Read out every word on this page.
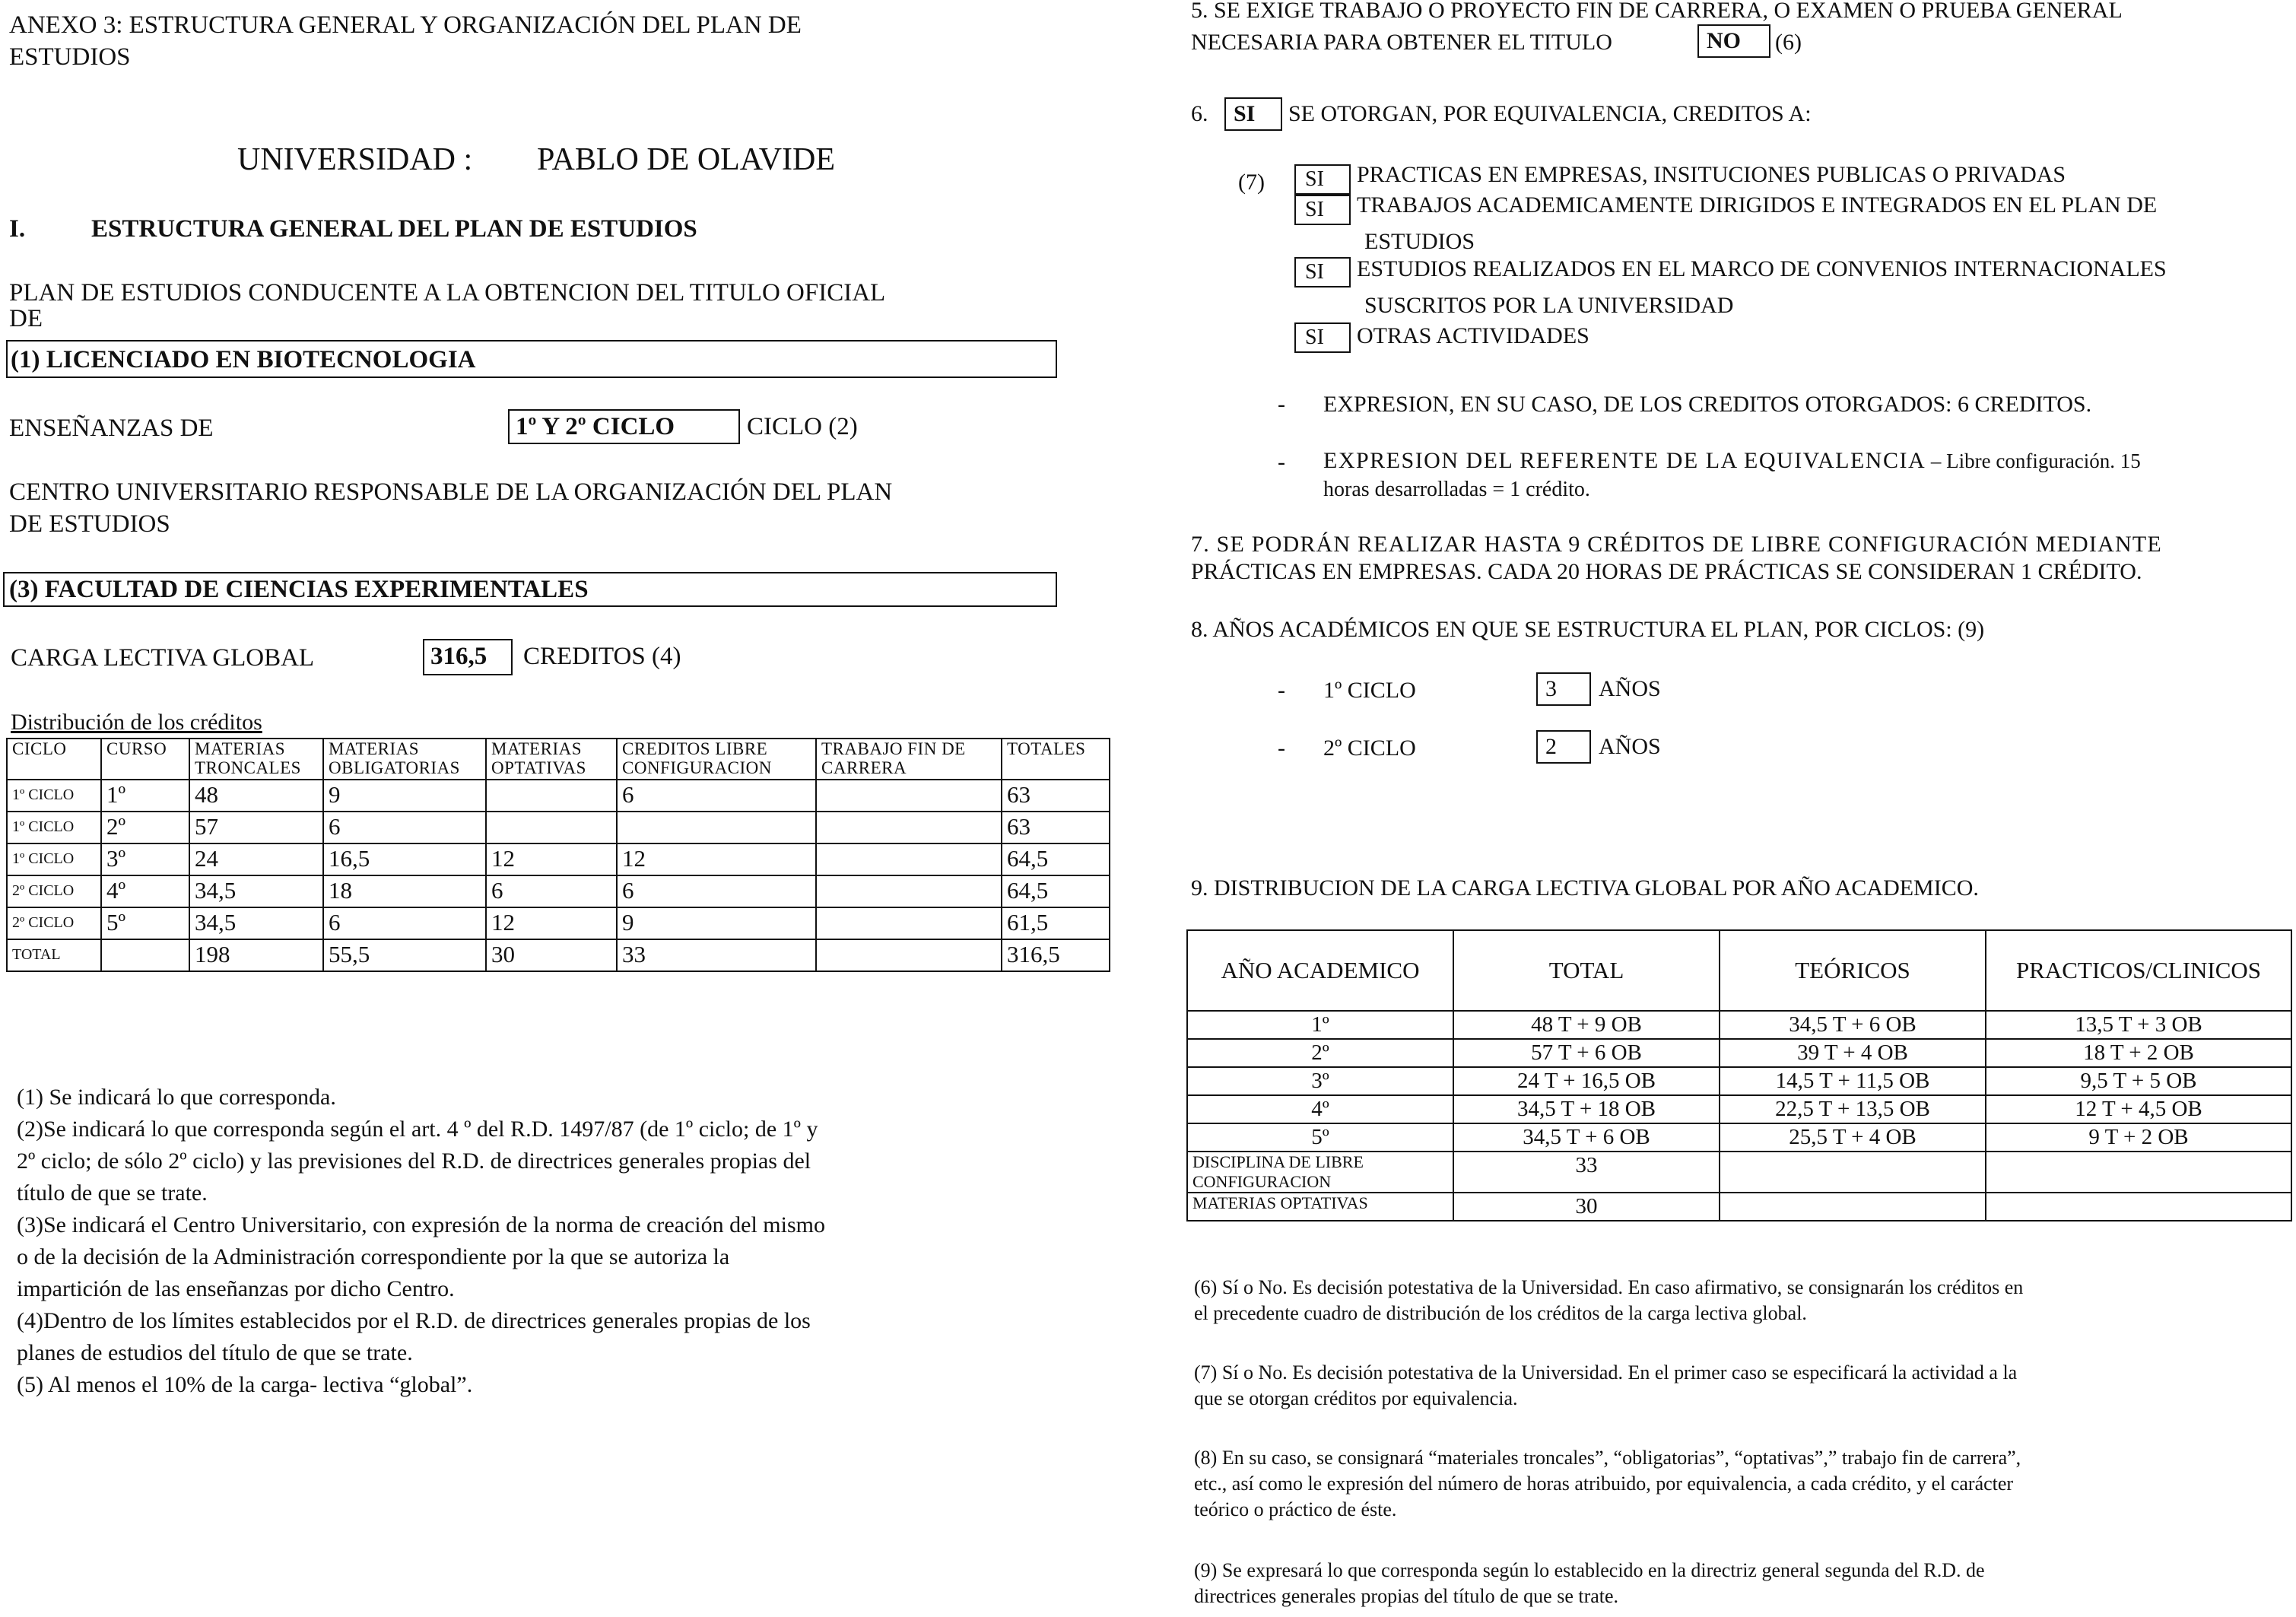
ANEXO 3: ESTRUCTURA GENERAL Y ORGANIZACIÓN DEL PLAN DE
ESTUDIOS
UNIVERSIDAD : PABLO DE OLAVIDE
I.	ESTRUCTURA GENERAL DEL PLAN DE ESTUDIOS
PLAN DE ESTUDIOS CONDUCENTE A LA OBTENCION DEL TITULO OFICIAL
DE
(1) LICENCIADO EN BIOTECNOLOGIA
ENSEÑANZAS DE	1º Y 2º CICLO	CICLO (2)
CENTRO UNIVERSITARIO RESPONSABLE DE LA ORGANIZACIÓN DEL PLAN
DE ESTUDIOS
(3) FACULTAD DE CIENCIAS EXPERIMENTALES
CARGA LECTIVA GLOBAL	316,5 CREDITOS (4)
Distribución de los créditos
CICLO	CURSO	MATERIAS TRONCALES	MATERIAS OBLIGATORIAS	MATERIAS OPTATIVAS	CREDITOS LIBRE CONFIGURACION	TRABAJO FIN DE CARRERA	TOTALES
1º CICLO	1º	48	9		6		63
1º CICLO	2º	57	6				63
1º CICLO	3º	24	16,5	12	12		64,5
2º CICLO	4º	34,5	18	6	6		64,5
2º CICLO	5º	34,5	6	12	9		61,5
TOTAL		198	55,5	30	33		316,5
(1) Se indicará lo que corresponda.
(2)Se indicará lo que corresponda según el art. 4 º del R.D. 1497/87 (de 1º ciclo; de 1º y
2º ciclo; de sólo 2º ciclo) y las previsiones del R.D. de directrices generales propias del
título de que se trate.
(3)Se indicará el Centro Universitario, con expresión de la norma de creación del mismo
o de la decisión de la Administración correspondiente por la que se autoriza la
impartición de las enseñanzas por dicho Centro.
(4)Dentro de los límites establecidos por el R.D. de directrices generales propias de los
planes de estudios del título de que se trate.
(5) Al menos el 10% de la carga- lectiva “global”.
5. SE EXIGE TRABAJO O PROYECTO FIN DE CARRERA, O EXAMEN O PRUEBA GENERAL
NECESARIA PARA OBTENER EL TITULO	NO (6)
6. SI SE OTORGAN, POR EQUIVALENCIA, CREDITOS A:
(7) SI PRACTICAS EN EMPRESAS, INSITUCIONES PUBLICAS O PRIVADAS
SI TRABAJOS ACADEMICAMENTE DIRIGIDOS E INTEGRADOS EN EL PLAN DE
ESTUDIOS
SI ESTUDIOS REALIZADOS EN EL MARCO DE CONVENIOS INTERNACIONALES
SUSCRITOS POR LA UNIVERSIDAD
SI OTRAS ACTIVIDADES
- EXPRESION, EN SU CASO, DE LOS CREDITOS OTORGADOS: 6 CREDITOS.
- EXPRESION DEL REFERENTE DE LA EQUIVALENCIA – Libre configuración. 15
horas desarrolladas = 1 crédito.
7. SE PODRÁN REALIZAR HASTA 9 CRÉDITOS DE LIBRE CONFIGURACIÓN MEDIANTE
PRÁCTICAS EN EMPRESAS. CADA 20 HORAS DE PRÁCTICAS SE CONSIDERAN 1 CRÉDITO.
8. AÑOS ACADÉMICOS EN QUE SE ESTRUCTURA EL PLAN, POR CICLOS: (9)
- 1º CICLO	3 AÑOS
- 2º CICLO	2 AÑOS
9. DISTRIBUCION DE LA CARGA LECTIVA GLOBAL POR AÑO ACADEMICO.
AÑO ACADEMICO	TOTAL	TEÓRICOS	PRACTICOS/CLINICOS
1º	48 T + 9 OB	34,5 T + 6 OB	13,5 T + 3 OB
2º	57 T + 6 OB	39 T + 4 OB	18 T + 2 OB
3º	24 T + 16,5 OB	14,5 T + 11,5 OB	9,5 T + 5 OB
4º	34,5 T + 18 OB	22,5 T + 13,5 OB	12 T + 4,5 OB
5º	34,5 T + 6 OB	25,5 T + 4 OB	9 T + 2 OB
DISCIPLINA DE LIBRE CONFIGURACION	33		
MATERIAS OPTATIVAS	30		
(6) Sí o No. Es decisión potestativa de la Universidad. En caso afirmativo, se consignarán los créditos en
el precedente cuadro de distribución de los créditos de la carga lectiva global.
(7) Sí o No. Es decisión potestativa de la Universidad. En el primer caso se especificará la actividad a la
que se otorgan créditos por equivalencia.
(8) En su caso, se consignará “materiales troncales”, “obligatorias”, “optativas”,” trabajo fin de carrera”,
etc., así como le expresión del número de horas atribuido, por equivalencia, a cada crédito, y el carácter
teórico o práctico de éste.
(9) Se expresará lo que corresponda según lo establecido en la directriz general segunda del R.D. de
directrices generales propias del título de que se trate.
